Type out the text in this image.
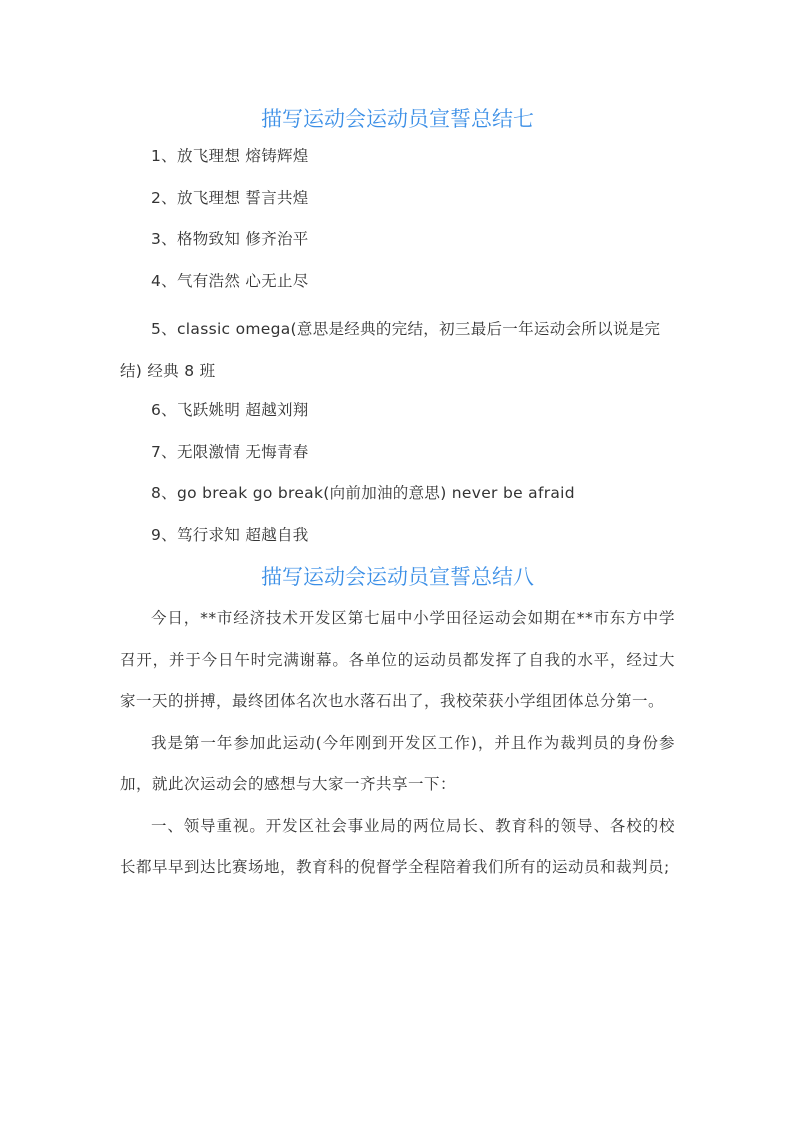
描写运动会运动员宣誓总结七

1、放飞理想 熔铸辉煌

2、放飞理想 誓言共煌

3、格物致知 修齐治平

4、气有浩然 心无止尽

5、classic omega(意思是经典的完结，初三最后一年运动会所以说是完结) 经典 8 班

6、飞跃姚明 超越刘翔

7、无限激情 无悔青春

8、go break go break(向前加油的意思) never be afraid

9、笃行求知 超越自我

描写运动会运动员宣誓总结八

今日，**市经济技术开发区第七届中小学田径运动会如期在**市东方中学召开，并于今日午时完满谢幕。各单位的运动员都发挥了自我的水平，经过大家一天的拼搏，最终团体名次也水落石出了，我校荣获小学组团体总分第一。

我是第一年参加此运动(今年刚到开发区工作)，并且作为裁判员的身份参加，就此次运动会的感想与大家一齐共享一下：

一、领导重视。开发区社会事业局的两位局长、教育科的领导、各校的校长都早早到达比赛场地，教育科的倪督学全程陪着我们所有的运动员和裁判员;
